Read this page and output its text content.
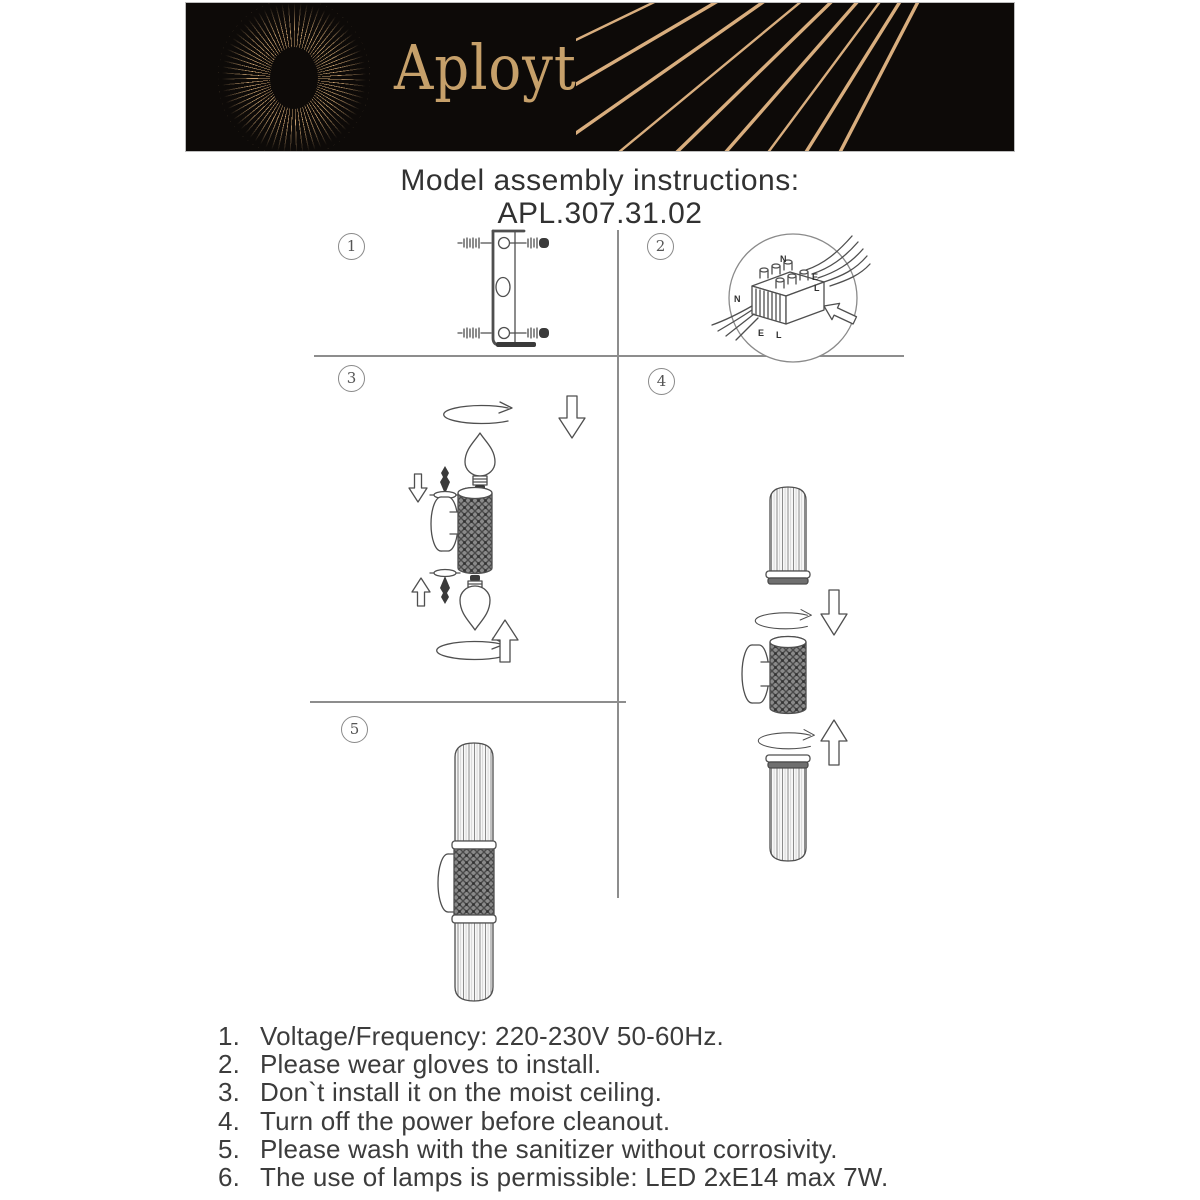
Aployt
Model assembly instructions:
APL.307.31.02
1	2
3	4
5
N
E
L
N
E L
1. Voltage/Frequency: 220-230V 50-60Hz.
2. Please wear gloves to install.
3. Don`t install it on the moist ceiling.
4. Turn off the power before cleanout.
5. Please wash with the sanitizer without corrosivity.
6. The use of lamps is permissible: LED 2xE14 max 7W.
